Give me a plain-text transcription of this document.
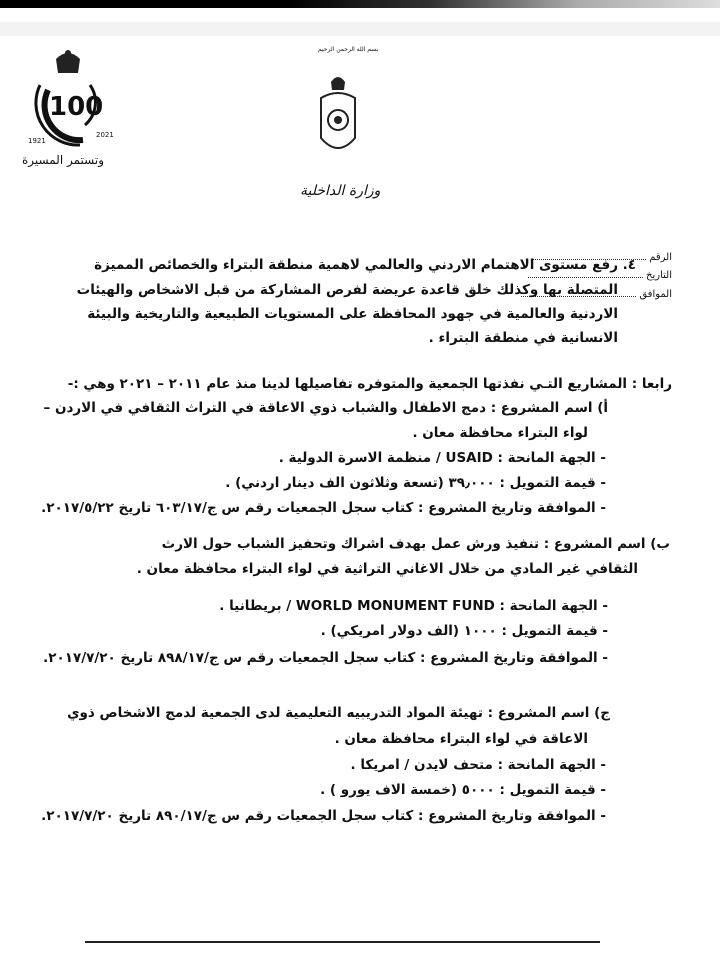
100
1921
2021
وتستمر المسيرة
بسم الله الرحمن الرحيم
وزارة الداخلية
الرقم
التاريخ
الموافق
٤.
رفع مستوى الاهتمام الاردني والعالمي لاهمية منطقة البتراء والخصائص المميزة
المتصلة بها وكذلك خلق قاعدة عريضة لفرص المشاركة من قبل الاشخاص والهيئات
الاردنية والعالمية في جهود المحافظة على المستويات الطبيعية والتاريخية والبيئة
الانسانية في منطقة البتراء .
رابعا : المشاريع التـي نفذتها الجمعية والمتوفره تفاصيلها لدينا منذ عام ٢٠١١ – ٢٠٢١ وهي :-
أ) اسم المشروع : دمج الاطفال والشباب ذوي الاعاقة في التراث الثقافي في الاردن –
لواء البتراء محافظة معان .
- الجهة المانحة : USAID / منظمة الاسرة الدولية .
- قيمة التمويل : ٣٩٫٠٠٠ (تسعة وثلاثون الف دينار اردني) .
- الموافقة وتاريخ المشروع : كتاب سجل الجمعيات رقم س ج/٦٠٣/١٧ تاريخ ٢٠١٧/٥/٢٢.
ب) اسم المشروع : تنفيذ ورش عمل بهدف اشراك وتحفيز الشباب حول الارث
الثقافي غير المادي من خلال الاغاني التراثية في لواء البتراء محافظة معان .
- الجهة المانحة : WORLD MONUMENT FUND / بريطانيا .
- قيمة التمويل : ١٠٠٠ (الف دولار امريكي) .
- الموافقة وتاريخ المشروع : كتاب سجل الجمعيات رقم س ج/٨٩٨/١٧ تاريخ ٢٠١٧/٧/٢٠.
ج) اسم المشروع : تهيئة المواد التدريبيه التعليمية لدى الجمعية لدمج الاشخاص ذوي
الاعاقة في لواء البتراء محافظة معان .
- الجهة المانحة : متحف لايدن / امريكا .
- قيمة التمويل : ٥٠٠٠ (خمسة الاف يورو ) .
- الموافقة وتاريخ المشروع : كتاب سجل الجمعيات رقم س ج/٨٩٠/١٧ تاريخ ٢٠١٧/٧/٢٠.
